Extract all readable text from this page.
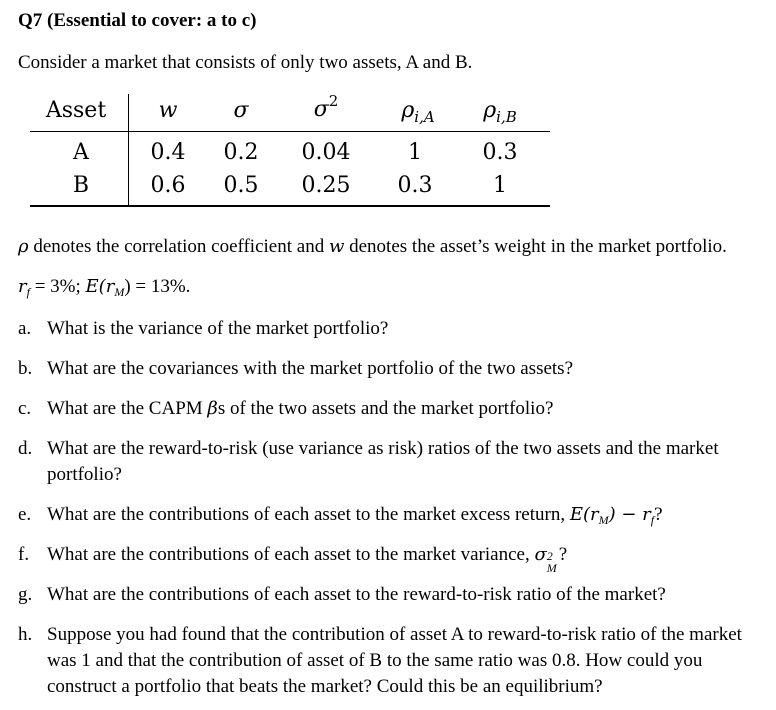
Q7 (Essential to cover: a to c)

Consider a market that consists of only two assets, A and B.

Asset	w	σ	$\sigma^2$	$\rho_{i,A}$	$\rho_{i,B}$
A	0.4	0.2	0.04	1	0.3
B	0.6	0.5	0.25	0.3	1

ρ denotes the correlation coefficient and w denotes the asset’s weight in the market portfolio.

$r_f = 3\%$; $E(r_M) = 13\%$.

a. What is the variance of the market portfolio?
b. What are the covariances with the market portfolio of the two assets?
c. What are the CAPM βs of the two assets and the market portfolio?
d. What are the reward-to-risk (use variance as risk) ratios of the two assets and the market portfolio?
e. What are the contributions of each asset to the market excess return, $E(r_M) - r_f$?
f. What are the contributions of each asset to the market variance, σ 2
M
?
g. What are the contributions of each asset to the reward-to-risk ratio of the market?
h. Suppose you had found that the contribution of asset A to reward-to-risk ratio of the market was 1 and that the contribution of asset of B to the same ratio was 0.8. How could you construct a portfolio that beats the market? Could this be an equilibrium?
